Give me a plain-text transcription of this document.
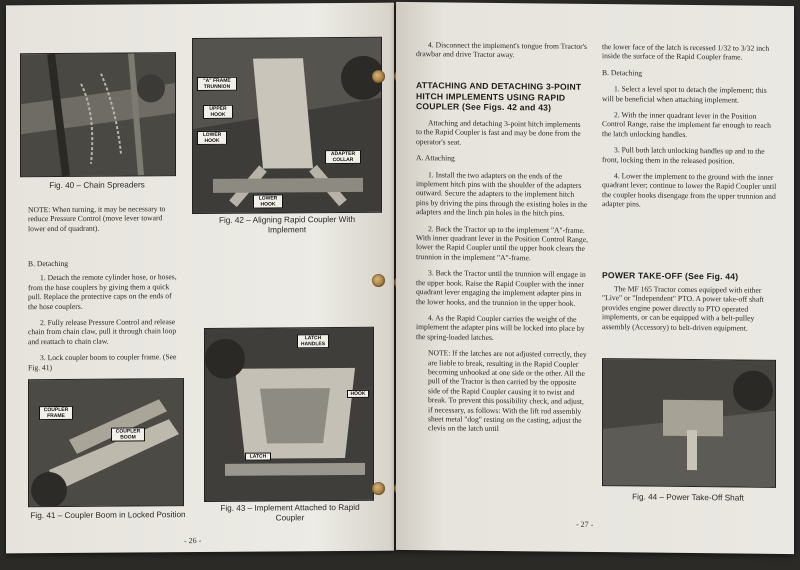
Fig. 40 – Chain Spreaders

NOTE: When turning, it may be necessary to reduce Pressure Control (move lever toward lower end of quadrant).

"A" FRAME TRUNNION
UPPER HOOK
LOWER HOOK
ADAPTER COLLAR
LOWER HOOK
Fig. 42 – Aligning Rapid Coupler With Implement

B. Detaching

1. Detach the remote cylinder hose, or hoses, from the hose couplers by giving them a quick pull. Replace the protective caps on the ends of the hose couplers.

2. Fully release Pressure Control and release chain from chain claw, pull it through chain loop and reattach to chain claw.

3. Lock coupler boom to coupler frame. (See Fig. 41)

COUPLER FRAME
COUPLER BOOM
Fig. 41 – Coupler Boom in Locked Position
LATCH HANDLES
HOOK
LATCH
Fig. 43 – Implement Attached to Rapid Coupler
- 26 -

4. Disconnect the implement's tongue from Tractor's drawbar and drive Tractor away.

ATTACHING AND DETACHING 3-POINT HITCH IMPLEMENTS USING RAPID COUPLER (See Figs. 42 and 43)

Attaching and detaching 3-point hitch implements to the Rapid Coupler is fast and may be done from the operator's seat.

A. Attaching

1. Install the two adapters on the ends of the implement hitch pins with the shoulder of the adapters outward. Secure the adapters to the implement hitch pins by driving the pins through the existing holes in the adapters and the linch pin holes in the hitch pins.

2. Back the Tractor up to the implement "A"-frame. With inner quadrant lever in the Position Control Range, lower the Rapid Coupler until the upper hook clears the trunnion in the implement "A"-frame.

3. Back the Tractor until the trunnion will engage in the upper hook. Raise the Rapid Coupler with the inner quadrant lever engaging the implement adapter pins in the lower hooks, and the trunnion in the upper hook.

4. As the Rapid Coupler carries the weight of the implement the adapter pins will be locked into place by the spring-loaded latches.

NOTE: If the latches are not adjusted correctly, they are liable to break, resulting in the Rapid Coupler becoming unhooked at one side or the other. All the pull of the Tractor is then carried by the opposite side of the Rapid Coupler causing it to twist and break. To prevent this possibility check, and adjust, if necessary, as follows: With the lift rod assembly sheet metal "dog" resting on the casting, adjust the clevis on the latch until

the lower face of the latch is recessed 1/32 to 3/32 inch inside the surface of the Rapid Coupler frame.

B. Detaching

1. Select a level spot to detach the implement; this will be beneficial when attaching implement.

2. With the inner quadrant lever in the Position Control Range, raise the implement far enough to reach the latch unlocking handles.

3. Pull both latch unlocking handles up and to the front, locking them in the released position.

4. Lower the implement to the ground with the inner quadrant lever; continue to lower the Rapid Coupler until the coupler hooks disengage from the upper trunnion and adapter pins.

POWER TAKE-OFF (See Fig. 44)

The MF 165 Tractor comes equipped with either "Live" or "Independent" PTO. A power take-off shaft provides engine power directly to PTO operated implements, or can be equipped with a belt-pulley assembly (Accessory) to belt-driven equipment.

Fig. 44 – Power Take-Off Shaft
- 27 -
